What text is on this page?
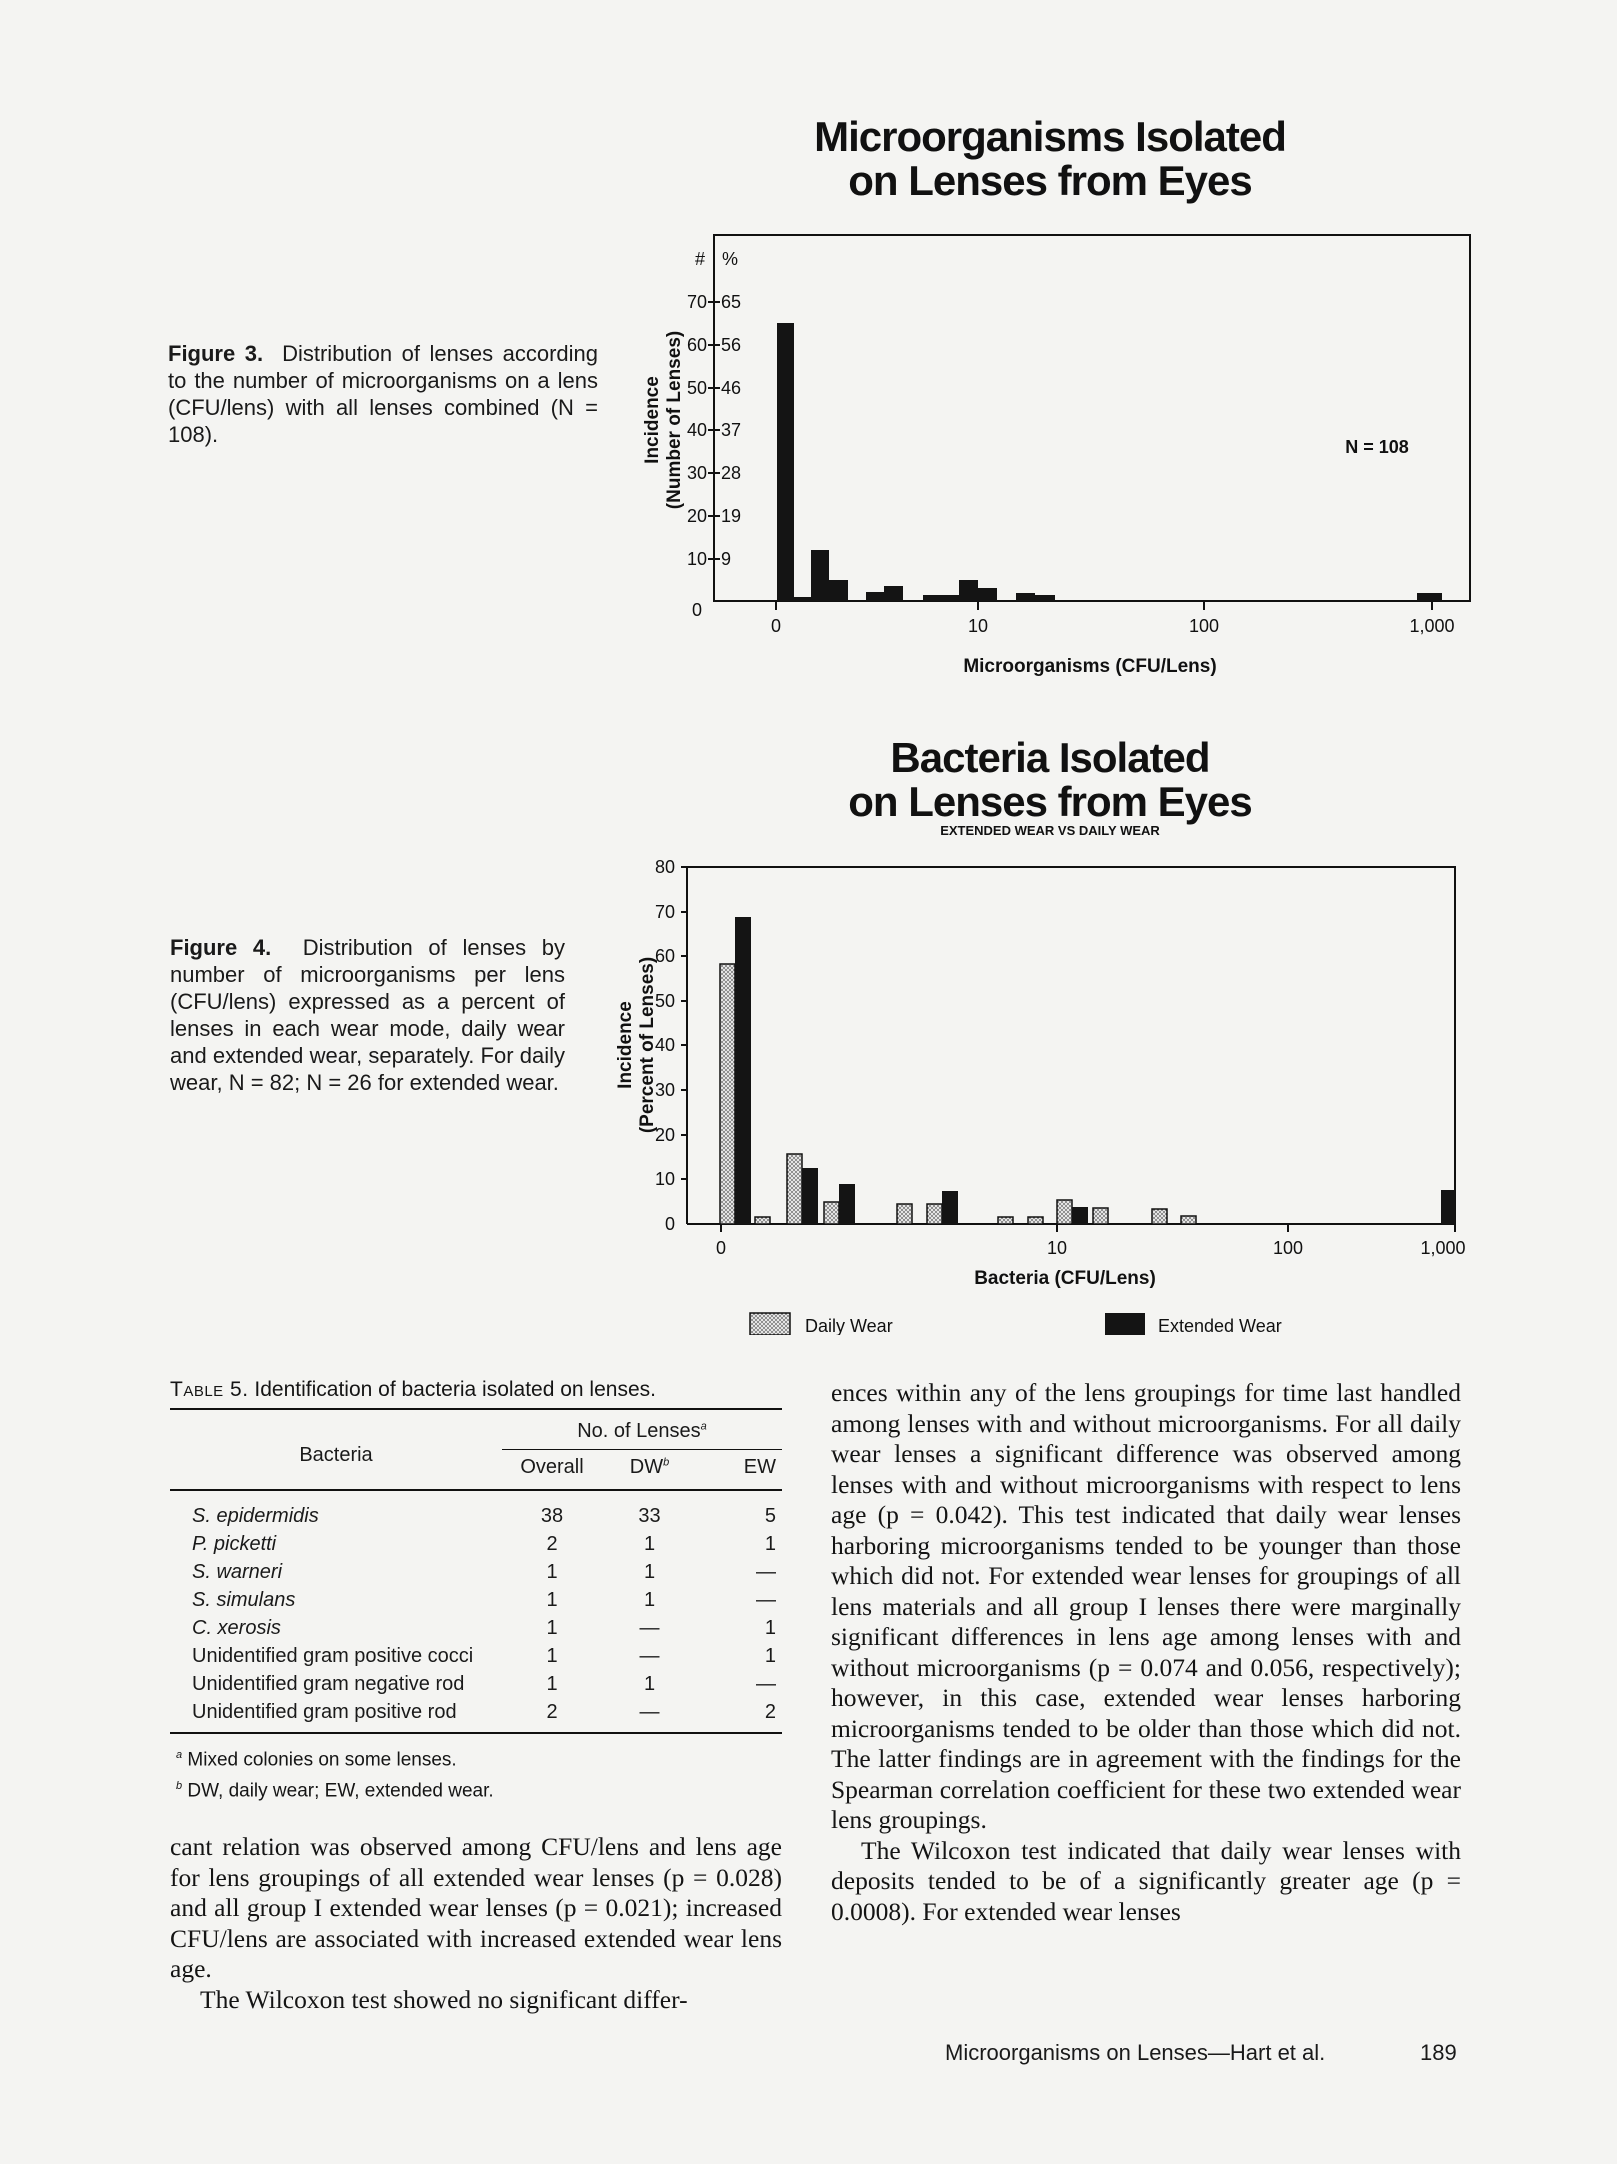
Figure 3. Distribution of lenses according to the number of microorganisms on a lens (CFU/lens) with all lenses combined (N = 108).
Microorganisms Isolated
on Lenses from Eyes
# %
70 65
60 56
50 46
40 37
30 28
20 19
10 9
0
Incidence (Number of Lenses)
0	10	100	1,000
N = 108
Microorganisms (CFU/Lens)
Figure 4. Distribution of lenses by number of microorganisms per lens (CFU/lens) expressed as a percent of lenses in each wear mode, daily wear and extended wear, separately. For daily wear, N = 82; N = 26 for extended wear.
Bacteria Isolated
on Lenses from Eyes
EXTENDED WEAR VS DAILY WEAR
80
70
60
50
40
30
20
10
0
Incidence (Percent of Lenses)
0	10	100	1,000
Bacteria (CFU/Lens)
Daily Wear	Extended Wear
Table 5. Identification of bacteria isolated on lenses.
Bacteria	No. of Lenses$^a$
	Overall	$DW^b$	EW
S. epidermidis	38	33	5
P. picketti	2	1	1
S. warneri	1	1	—
S. simulans	1	1	—
C. xerosis	1	—	1
Unidentified gram positive cocci	1	—	1
Unidentified gram negative rod	1	1	—
Unidentified gram positive rod	2	—	2
$^a$ Mixed colonies on some lenses.
$^b$ DW, daily wear; EW, extended wear.

cant relation was observed among CFU/lens and lens age for lens groupings of all extended wear lenses (p = 0.028) and all group I extended wear lenses (p = 0.021); increased CFU/lens are associated with increased extended wear lens age.

The Wilcoxon test showed no significant differ-

ences within any of the lens groupings for time last handled among lenses with and without microorganisms. For all daily wear lenses a significant difference was observed among lenses with and without microorganisms with respect to lens age (p = 0.042). This test indicated that daily wear lenses harboring microorganisms tended to be younger than those which did not. For extended wear lenses for groupings of all lens materials and all group I lenses there were marginally significant differences in lens age among lenses with and without microorganisms (p = 0.074 and 0.056, respectively); however, in this case, extended wear lenses harboring microorganisms tended to be older than those which did not. The latter findings are in agreement with the findings for the Spearman correlation coefficient for these two extended wear lens groupings.

The Wilcoxon test indicated that daily wear lenses with deposits tended to be of a significantly greater age (p = 0.0008). For extended wear lenses

Microorganisms on Lenses—Hart et al.	189
